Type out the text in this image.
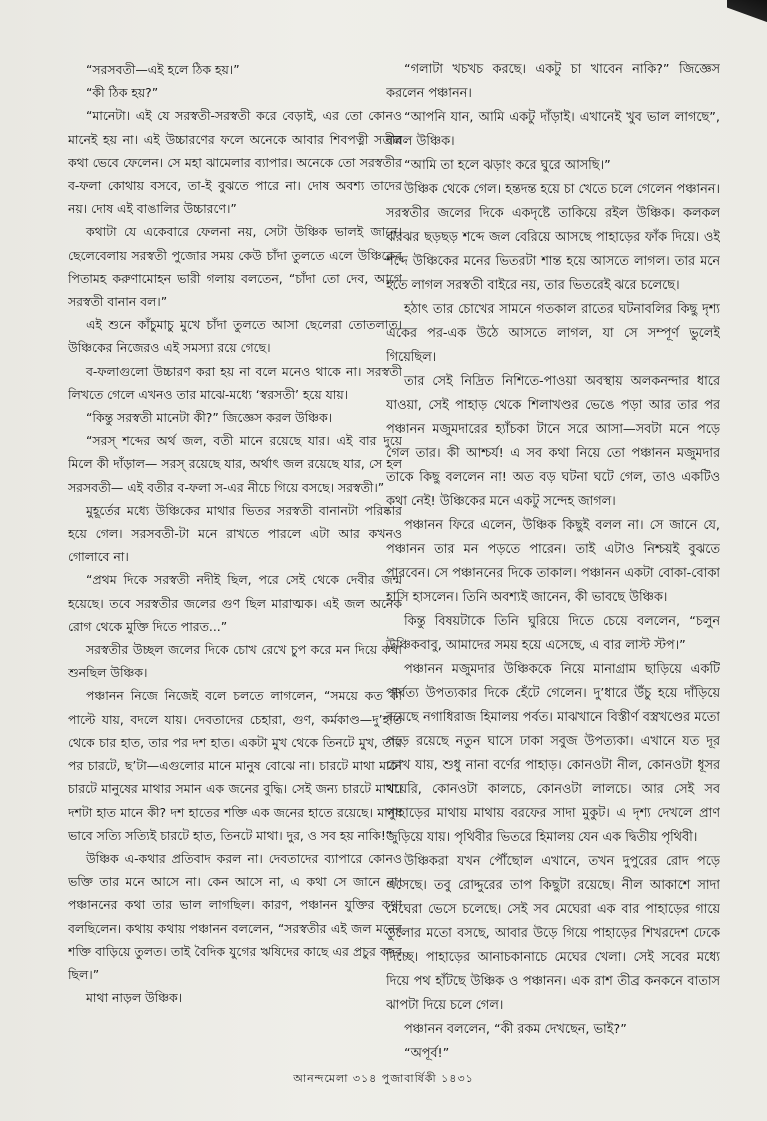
“সরসবতী—এই হলে ঠিক হয়।”

“কী ঠিক হয়?”

“মানেটা। এই যে সরস্বতী-সরস্বতী করে বেড়াই, এর তো কোনও মানেই হয় না। এই উচ্চারণের ফলে অনেকে আবার শিবপত্নী সতীর কথা ভেবে ফেলেন। সে মহা ঝামেলার ব্যাপার। অনেকে তো সরস্বতীর ব-ফলা কোথায় বসবে, তা-ই বুঝতে পারে না। দোষ অবশ্য তাদের নয়। দোষ এই বাঙালির উচ্চারণে।”

কথাটা যে একেবারে ফেলনা নয়, সেটা উঞ্চিক ভালই জানে। ছেলেবেলায় সরস্বতী পুজোর সময় কেউ চাঁদা তুলতে এলে উঞ্চিকের পিতামহ করুণামোহন ভারী গলায় বলতেন, “চাঁদা তো দেব, আগে সরস্বতী বানান বল।”

এই শুনে কাঁচুমাচু মুখে চাঁদা তুলতে আসা ছেলেরা তোতলাত। উঞ্চিকের নিজেরও এই সমস্যা রয়ে গেছে।

ব-ফলাগুলো উচ্চারণ করা হয় না বলে মনেও থাকে না। সরস্বতী লিখতে গেলে এখনও তার মাঝে-মধ্যে ‘স্বরসতী’ হয়ে যায়।

“কিন্তু সরস্বতী মানেটা কী?” জিজ্ঞেস করল উঞ্চিক।

“সরস্ শব্দের অর্থ জল, বতী মানে রয়েছে যার। এই বার দুয়ে মিলে কী দাঁড়াল— সরস্ রয়েছে যার, অর্থাৎ জল রয়েছে যার, সে হল সরসবতী— এই বতীর ব-ফলা স-এর নীচে গিয়ে বসছে। সরস্বতী।”

মুহূর্তের মধ্যে উঞ্চিকের মাথার ভিতর সরস্বতী বানানটা পরিষ্কার হয়ে গেল। সরসবতী-টা মনে রাখতে পারলে এটা আর কখনও গোলাবে না।

“প্রথম দিকে সরস্বতী নদীই ছিল, পরে সেই থেকে দেবীর জন্ম হয়েছে। তবে সরস্বতীর জলের গুণ ছিল মারাত্মক। এই জল অনেক রোগ থেকে মুক্তি দিতে পারত...”

সরস্বতীর উচ্ছল জলের দিকে চোখ রেখে চুপ করে মন দিয়ে কথা শুনছিল উঞ্চিক।

পঞ্চানন নিজে নিজেই বলে চলতে লাগলেন, “সময়ে কত কী পাল্টে যায়, বদলে যায়। দেবতাদের চেহারা, গুণ, কর্মকাণ্ড—দু’হাত থেকে চার হাত, তার পর দশ হাত। একটা মুখ থেকে তিনটে মুখ, তার পর চারটে, ছ’টা—এগুলোর মানে মানুষ বোঝে না। চারটে মাথা মানে চারটে মানুষের মাথার সমান এক জনের বুদ্ধি। সেই জন্য চারটে মাথা। দশটা হাত মানে কী? দশ হাতের শক্তি এক জনের হাতে রয়েছে। মানুষ ভাবে সত্যি সত্যিই চারটে হাত, তিনটে মাথা। দুর, ও সব হয় নাকি!”

উঞ্চিক এ-কথার প্রতিবাদ করল না। দেবতাদের ব্যাপারে কোনও ভক্তি তার মনে আসে না। কেন আসে না, এ কথা সে জানে না। পঞ্চাননের কথা তার ভাল লাগছিল। কারণ, পঞ্চানন যুক্তির কথা বলছিলেন। কথায় কথায় পঞ্চানন বললেন, “সরস্বতীর এই জল মনের শক্তি বাড়িয়ে তুলত। তাই বৈদিক যুগের ঋষিদের কাছে এর প্রচুর কদর ছিল।”

মাথা নাড়ল উঞ্চিক।

“গলাটা খচখচ করছে। একটু চা খাবেন নাকি?” জিজ্ঞেস করলেন পঞ্চানন।

“আপনি যান, আমি একটু দাঁড়াই। এখানেই খুব ভাল লাগছে”, বলল উঞ্চিক।

“আমি তা হলে ঝড়াং করে ঘুরে আসছি।”

উঞ্চিক থেকে গেল। হন্তদন্ত হয়ে চা খেতে চলে গেলেন পঞ্চানন। সরস্বতীর জলের দিকে একদৃষ্টে তাকিয়ে রইল উঞ্চিক। কলকল ঝরঝর ছড়ছড় শব্দে জল বেরিয়ে আসছে পাহাড়ের ফাঁক দিয়ে। ওই শব্দে উঞ্চিকের মনের ভিতরটা শান্ত হয়ে আসতে লাগল। তার মনে হতে লাগল সরস্বতী বাইরে নয়, তার ভিতরেই ঝরে চলেছে।

হঠাৎ তার চোখের সামনে গতকাল রাতের ঘটনাবলির কিছু দৃশ্য একের পর-এক উঠে আসতে লাগল, যা সে সম্পূর্ণ ভুলেই গিয়েছিল।

তার সেই নিদ্রিত নিশিতে-পাওয়া অবস্থায় অলকনন্দার ধারে যাওয়া, সেই পাহাড় থেকে শিলাখণ্ডর ভেঙে পড়া আর তার পর পঞ্চানন মজুমদারের হ্যাঁচকা টানে সরে আসা—সবটা মনে পড়ে গেল তার। কী আশ্চর্য! এ সব কথা নিয়ে তো পঞ্চানন মজুমদার তাকে কিছু বললেন না! অত বড় ঘটনা ঘটে গেল, তাও একটিও কথা নেই! উঞ্চিকের মনে একটু সন্দেহ জাগল।

পঞ্চানন ফিরে এলেন, উঞ্চিক কিছুই বলল না। সে জানে যে, পঞ্চানন তার মন পড়তে পারেন। তাই এটাও নিশ্চয়ই বুঝতে পারবেন। সে পঞ্চাননের দিকে তাকাল। পঞ্চানন একটা বোকা-বোকা হাসি হাসলেন। তিনি অবশ্যই জানেন, কী ভাবছে উঞ্চিক।

কিন্তু বিষয়টাকে তিনি ঘুরিয়ে দিতে চেয়ে বললেন, “চলুন উঞ্চিকবাবু, আমাদের সময় হয়ে এসেছে, এ বার লাস্ট স্টপ।”

পঞ্চানন মজুমদার উঞ্চিককে নিয়ে মানাগ্রাম ছাড়িয়ে একটি পার্বত্য উপত্যকার দিকে হেঁটে গেলেন। দু’ধারে উঁচু হয়ে দাঁড়িয়ে রয়েছে নগাধিরাজ হিমালয় পর্বত। মাঝখানে বিস্তীর্ণ বস্ত্রখণ্ডের মতো পড়ে রয়েছে নতুন ঘাসে ঢাকা সবুজ উপত্যকা। এখানে যত দূর চোখ যায়, শুধু নানা বর্ণের পাহাড়। কোনওটা নীল, কোনওটা ধূসর খয়েরি, কোনওটা কালচে, কোনওটা লালচে। আর সেই সব পাহাড়ের মাথায় মাথায় বরফের সাদা মুকুট। এ দৃশ্য দেখলে প্রাণ জুড়িয়ে যায়। পৃথিবীর ভিতরে হিমালয় যেন এক দ্বিতীয় পৃথিবী।

উঞ্চিকরা যখন পৌঁছোল এখানে, তখন দুপুরের রোদ পড়ে এসেছে। তবু রোদ্দুরের তাপ কিছুটা রয়েছে। নীল আকাশে সাদা মেঘেরা ভেসে চলেছে। সেই সব মেঘেরা এক বার পাহাড়ের গায়ে তুলোর মতো বসছে, আবার উড়ে গিয়ে পাহাড়ের শিখরদেশ ঢেকে দিচ্ছে। পাহাড়ের আনাচকানাচে মেঘের খেলা। সেই সবের মধ্যে দিয়ে পথ হাঁটছে উঞ্চিক ও পঞ্চানন। এক রাশ তীব্র কনকনে বাতাস ঝাপটা দিয়ে চলে গেল।

পঞ্চানন বললেন, “কী রকম দেখছেন, ভাই?”

“অপূর্ব!”

আনন্দমেলা ৩১৪ পুজাবার্ষিকী ১৪৩১
